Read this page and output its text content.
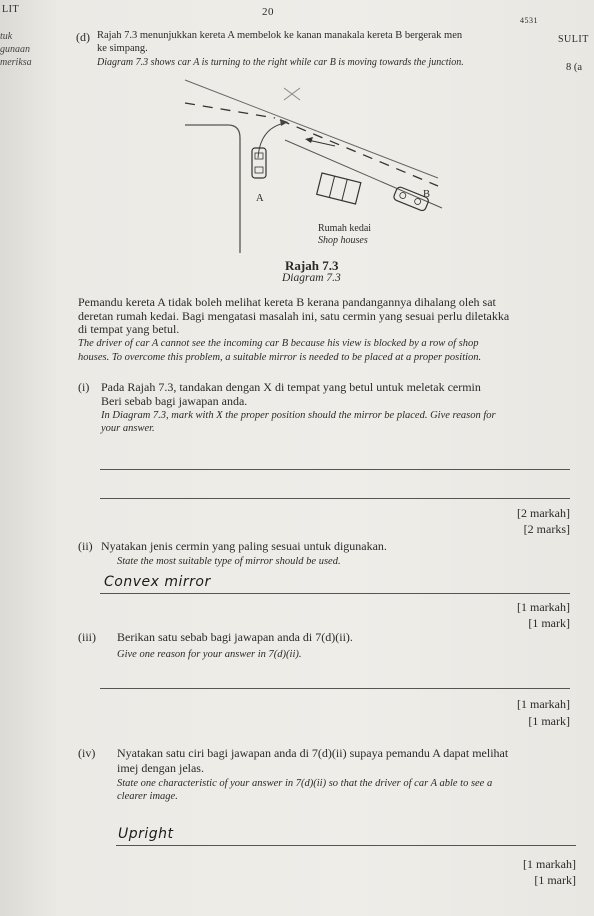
LIT	20
4531
SULIT
tuk
gunaan
meriksa	8 (a
(d) Rajah 7.3 menunjukkan kereta A membelok ke kanan manakala kereta B bergerak men
ke simpang.
Diagram 7.3 shows car A is turning to the right while car B is moving towards the junction.
A	B
Rumah kedai
Shop houses
Rajah 7.3
Diagram 7.3
Pemandu kereta A tidak boleh melihat kereta B kerana pandangannya dihalang oleh sat
deretan rumah kedai. Bagi mengatasi masalah ini, satu cermin yang sesuai perlu diletakka
di tempat yang betul.
The driver of car A cannot see the incoming car B because his view is blocked by a row of shop
houses. To overcome this problem, a suitable mirror is needed to be placed at a proper position.
(i) Pada Rajah 7.3, tandakan dengan X di tempat yang betul untuk meletak cermin
Beri sebab bagi jawapan anda.
In Diagram 7.3, mark with X the proper position should the mirror be placed. Give reason for
your answer.
[2 markah]
[2 marks]
(ii) Nyatakan jenis cermin yang paling sesuai untuk digunakan.
State the most suitable type of mirror should be used.
Convex mirror
[1 markah]
[1 mark]
(iii) Berikan satu sebab bagi jawapan anda di 7(d)(ii).
Give one reason for your answer in 7(d)(ii).
[1 markah]
[1 mark]
(iv) Nyatakan satu ciri bagi jawapan anda di 7(d)(ii) supaya pemandu A dapat melihat
imej dengan jelas.
State one characteristic of your answer in 7(d)(ii) so that the driver of car A able to see a
clearer image.
Upright
[1 markah]
[1 mark]
